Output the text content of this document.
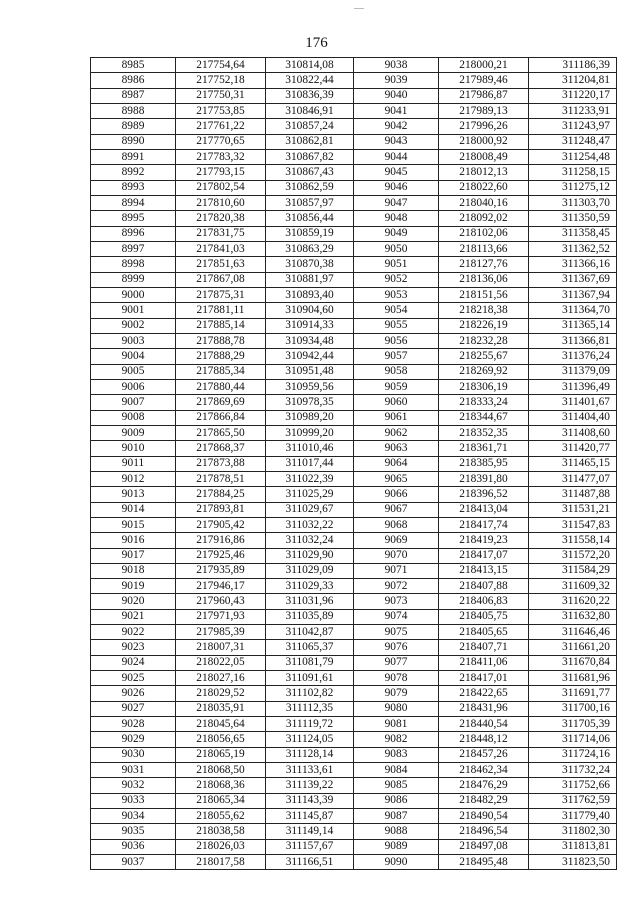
176
8985	217754,64	310814,08	9038	218000,21	311186,39
8986	217752,18	310822,44	9039	217989,46	311204,81
8987	217750,31	310836,39	9040	217986,87	311220,17
8988	217753,85	310846,91	9041	217989,13	311233,91
8989	217761,22	310857,24	9042	217996,26	311243,97
8990	217770,65	310862,81	9043	218000,92	311248,47
8991	217783,32	310867,82	9044	218008,49	311254,48
8992	217793,15	310867,43	9045	218012,13	311258,15
8993	217802,54	310862,59	9046	218022,60	311275,12
8994	217810,60	310857,97	9047	218040,16	311303,70
8995	217820,38	310856,44	9048	218092,02	311350,59
8996	217831,75	310859,19	9049	218102,06	311358,45
8997	217841,03	310863,29	9050	218113,66	311362,52
8998	217851,63	310870,38	9051	218127,76	311366,16
8999	217867,08	310881,97	9052	218136,06	311367,69
9000	217875,31	310893,40	9053	218151,56	311367,94
9001	217881,11	310904,60	9054	218218,38	311364,70
9002	217885,14	310914,33	9055	218226,19	311365,14
9003	217888,78	310934,48	9056	218232,28	311366,81
9004	217888,29	310942,44	9057	218255,67	311376,24
9005	217885,34	310951,48	9058	218269,92	311379,09
9006	217880,44	310959,56	9059	218306,19	311396,49
9007	217869,69	310978,35	9060	218333,24	311401,67
9008	217866,84	310989,20	9061	218344,67	311404,40
9009	217865,50	310999,20	9062	218352,35	311408,60
9010	217868,37	311010,46	9063	218361,71	311420,77
9011	217873,88	311017,44	9064	218385,95	311465,15
9012	217878,51	311022,39	9065	218391,80	311477,07
9013	217884,25	311025,29	9066	218396,52	311487,88
9014	217893,81	311029,67	9067	218413,04	311531,21
9015	217905,42	311032,22	9068	218417,74	311547,83
9016	217916,86	311032,24	9069	218419,23	311558,14
9017	217925,46	311029,90	9070	218417,07	311572,20
9018	217935,89	311029,09	9071	218413,15	311584,29
9019	217946,17	311029,33	9072	218407,88	311609,32
9020	217960,43	311031,96	9073	218406,83	311620,22
9021	217971,93	311035,89	9074	218405,75	311632,80
9022	217985,39	311042,87	9075	218405,65	311646,46
9023	218007,31	311065,37	9076	218407,71	311661,20
9024	218022,05	311081,79	9077	218411,06	311670,84
9025	218027,16	311091,61	9078	218417,01	311681,96
9026	218029,52	311102,82	9079	218422,65	311691,77
9027	218035,91	311112,35	9080	218431,96	311700,16
9028	218045,64	311119,72	9081	218440,54	311705,39
9029	218056,65	311124,05	9082	218448,12	311714,06
9030	218065,19	311128,14	9083	218457,26	311724,16
9031	218068,50	311133,61	9084	218462,34	311732,24
9032	218068,36	311139,22	9085	218476,29	311752,66
9033	218065,34	311143,39	9086	218482,29	311762,59
9034	218055,62	311145,87	9087	218490,54	311779,40
9035	218038,58	311149,14	9088	218496,54	311802,30
9036	218026,03	311157,67	9089	218497,08	311813,81
9037	218017,58	311166,51	9090	218495,48	311823,50
